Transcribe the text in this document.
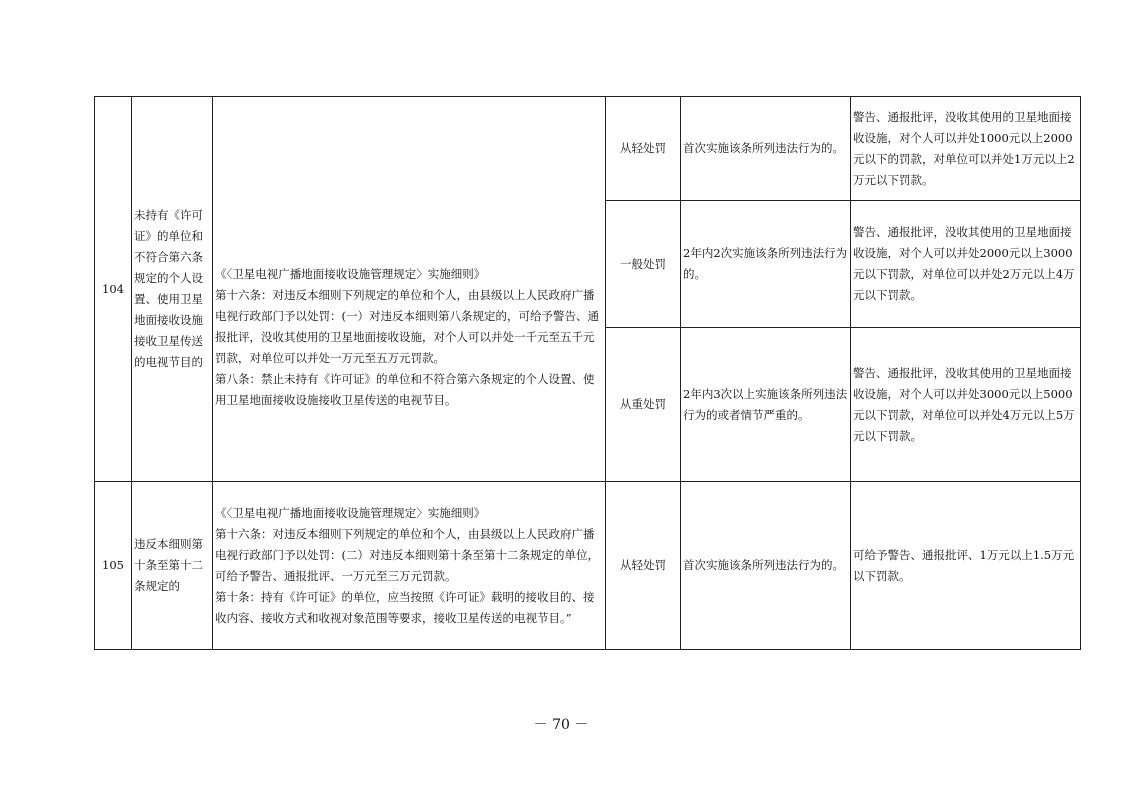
104	未持有《许可证》的单位和不符合第六条规定的个人设置、使用卫星地面接收设施接收卫星传送的电视节目的	《〈卫星电视广播地面接收设施管理规定〉实施细则》
第十六条：对违反本细则下列规定的单位和个人，由县级以上人民政府广播电视行政部门予以处罚：(一）对违反本细则第八条规定的，可给予警告、通报批评，没收其使用的卫星地面接收设施，对个人可以并处一千元至五千元罚款，对单位可以并处一万元至五万元罚款。
第八条：禁止未持有《许可证》的单位和不符合第六条规定的个人设置、使用卫星地面接收设施接收卫星传送的电视节目。	从轻处罚	首次实施该条所列违法行为的。	警告、通报批评，没收其使用的卫星地面接收设施，对个人可以并处1000元以上2000元以下的罚款，对单位可以并处1万元以上2万元以下罚款。

			一般处罚	2年内2次实施该条所列违法行为的。	警告、通报批评，没收其使用的卫星地面接收设施，对个人可以并处2000元以上3000元以下罚款，对单位可以并处2万元以上4万元以下罚款。

			从重处罚	2年内3次以上实施该条所列违法行为的或者情节严重的。	警告、通报批评，没收其使用的卫星地面接收设施，对个人可以并处3000元以上5000元以下罚款，对单位可以并处4万元以上5万元以下罚款。

105	违反本细则第十条至第十二条规定的	《〈卫星电视广播地面接收设施管理规定〉实施细则》
第十六条：对违反本细则下列规定的单位和个人，由县级以上人民政府广播电视行政部门予以处罚：(二）对违反本细则第十条至第十二条规定的单位，可给予警告、通报批评、一万元至三万元罚款。
第十条：持有《许可证》的单位，应当按照《许可证》载明的接收目的、接收内容、接收方式和收视对象范围等要求，接收卫星传送的电视节目。”	从轻处罚	首次实施该条所列违法行为的。	可给予警告、通报批评、1万元以上1.5万元以下罚款。
－ 70 －
